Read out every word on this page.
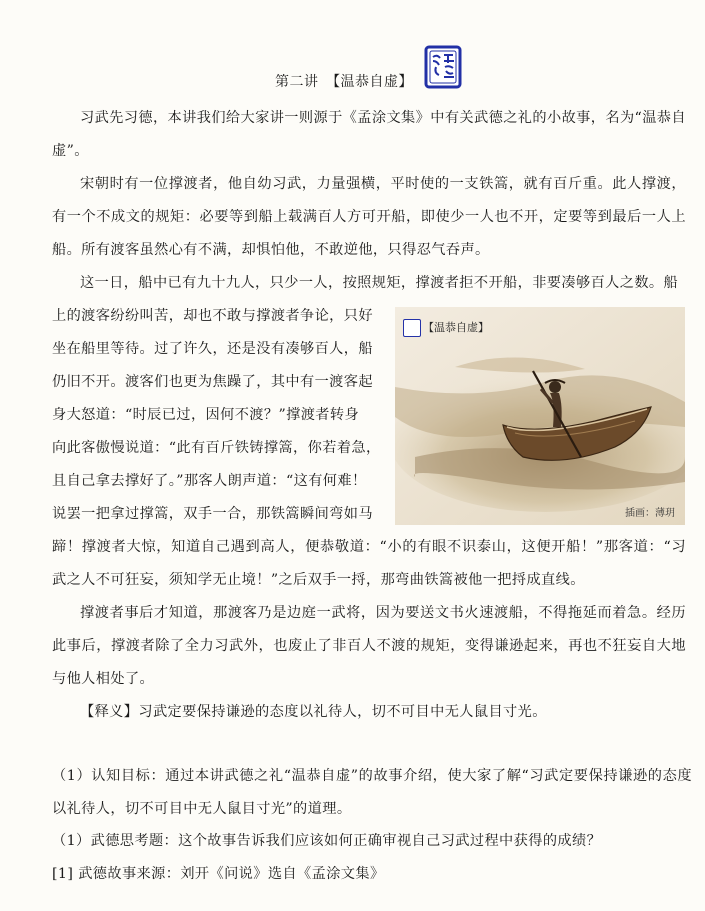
第二讲　【温恭自虚】

习武先习德，本讲我们给大家讲一则源于《孟涂文集》中有关武德之礼的小故事，名为“温恭自虚”。

宋朝时有一位撑渡者，他自幼习武，力量强横，平时使的一支铁篙，就有百斤重。此人撑渡，有一个不成文的规矩：必要等到船上载满百人方可开船，即使少一人也不开，定要等到最后一人上船。所有渡客虽然心有不满，却惧怕他，不敢逆他，只得忍气吞声。

这一日，船中已有九十九人，只少一人，按照规矩，撑渡者拒不开船，非要凑够百人之数。船

上的渡客纷纷叫苦，却也不敢与撑渡者争论，只好

坐在船里等待。过了许久，还是没有凑够百人，船

仍旧不开。渡客们也更为焦躁了，其中有一渡客起

身大怒道：“时辰已过，因何不渡？”撑渡者转身

向此客傲慢说道：“此有百斤铁铸撑篙，你若着急，

且自己拿去撑好了。”那客人朗声道：“这有何难！

说罢一把拿过撑篙，双手一合，那铁篙瞬间弯如马

【温恭自虚】
插画：薄玥

蹄！撑渡者大惊，知道自己遇到高人，便恭敬道：“小的有眼不识泰山，这便开船！”那客道：“习武之人不可狂妄，须知学无止境！”之后双手一捋，那弯曲铁篙被他一把捋成直线。

撑渡者事后才知道，那渡客乃是边庭一武将，因为要送文书火速渡船，不得拖延而着急。经历此事后，撑渡者除了全力习武外，也废止了非百人不渡的规矩，变得谦逊起来，再也不狂妄自大地与他人相处了。

【释义】习武定要保持谦逊的态度以礼待人，切不可目中无人鼠目寸光。

（1）认知目标：通过本讲武德之礼“温恭自虚”的故事介绍，使大家了解“习武定要保持谦逊的态度以礼待人，切不可目中无人鼠目寸光”的道理。

（1）武德思考题：这个故事告诉我们应该如何正确审视自己习武过程中获得的成绩？

[1] 武德故事来源：刘开《问说》选自《孟涂文集》
